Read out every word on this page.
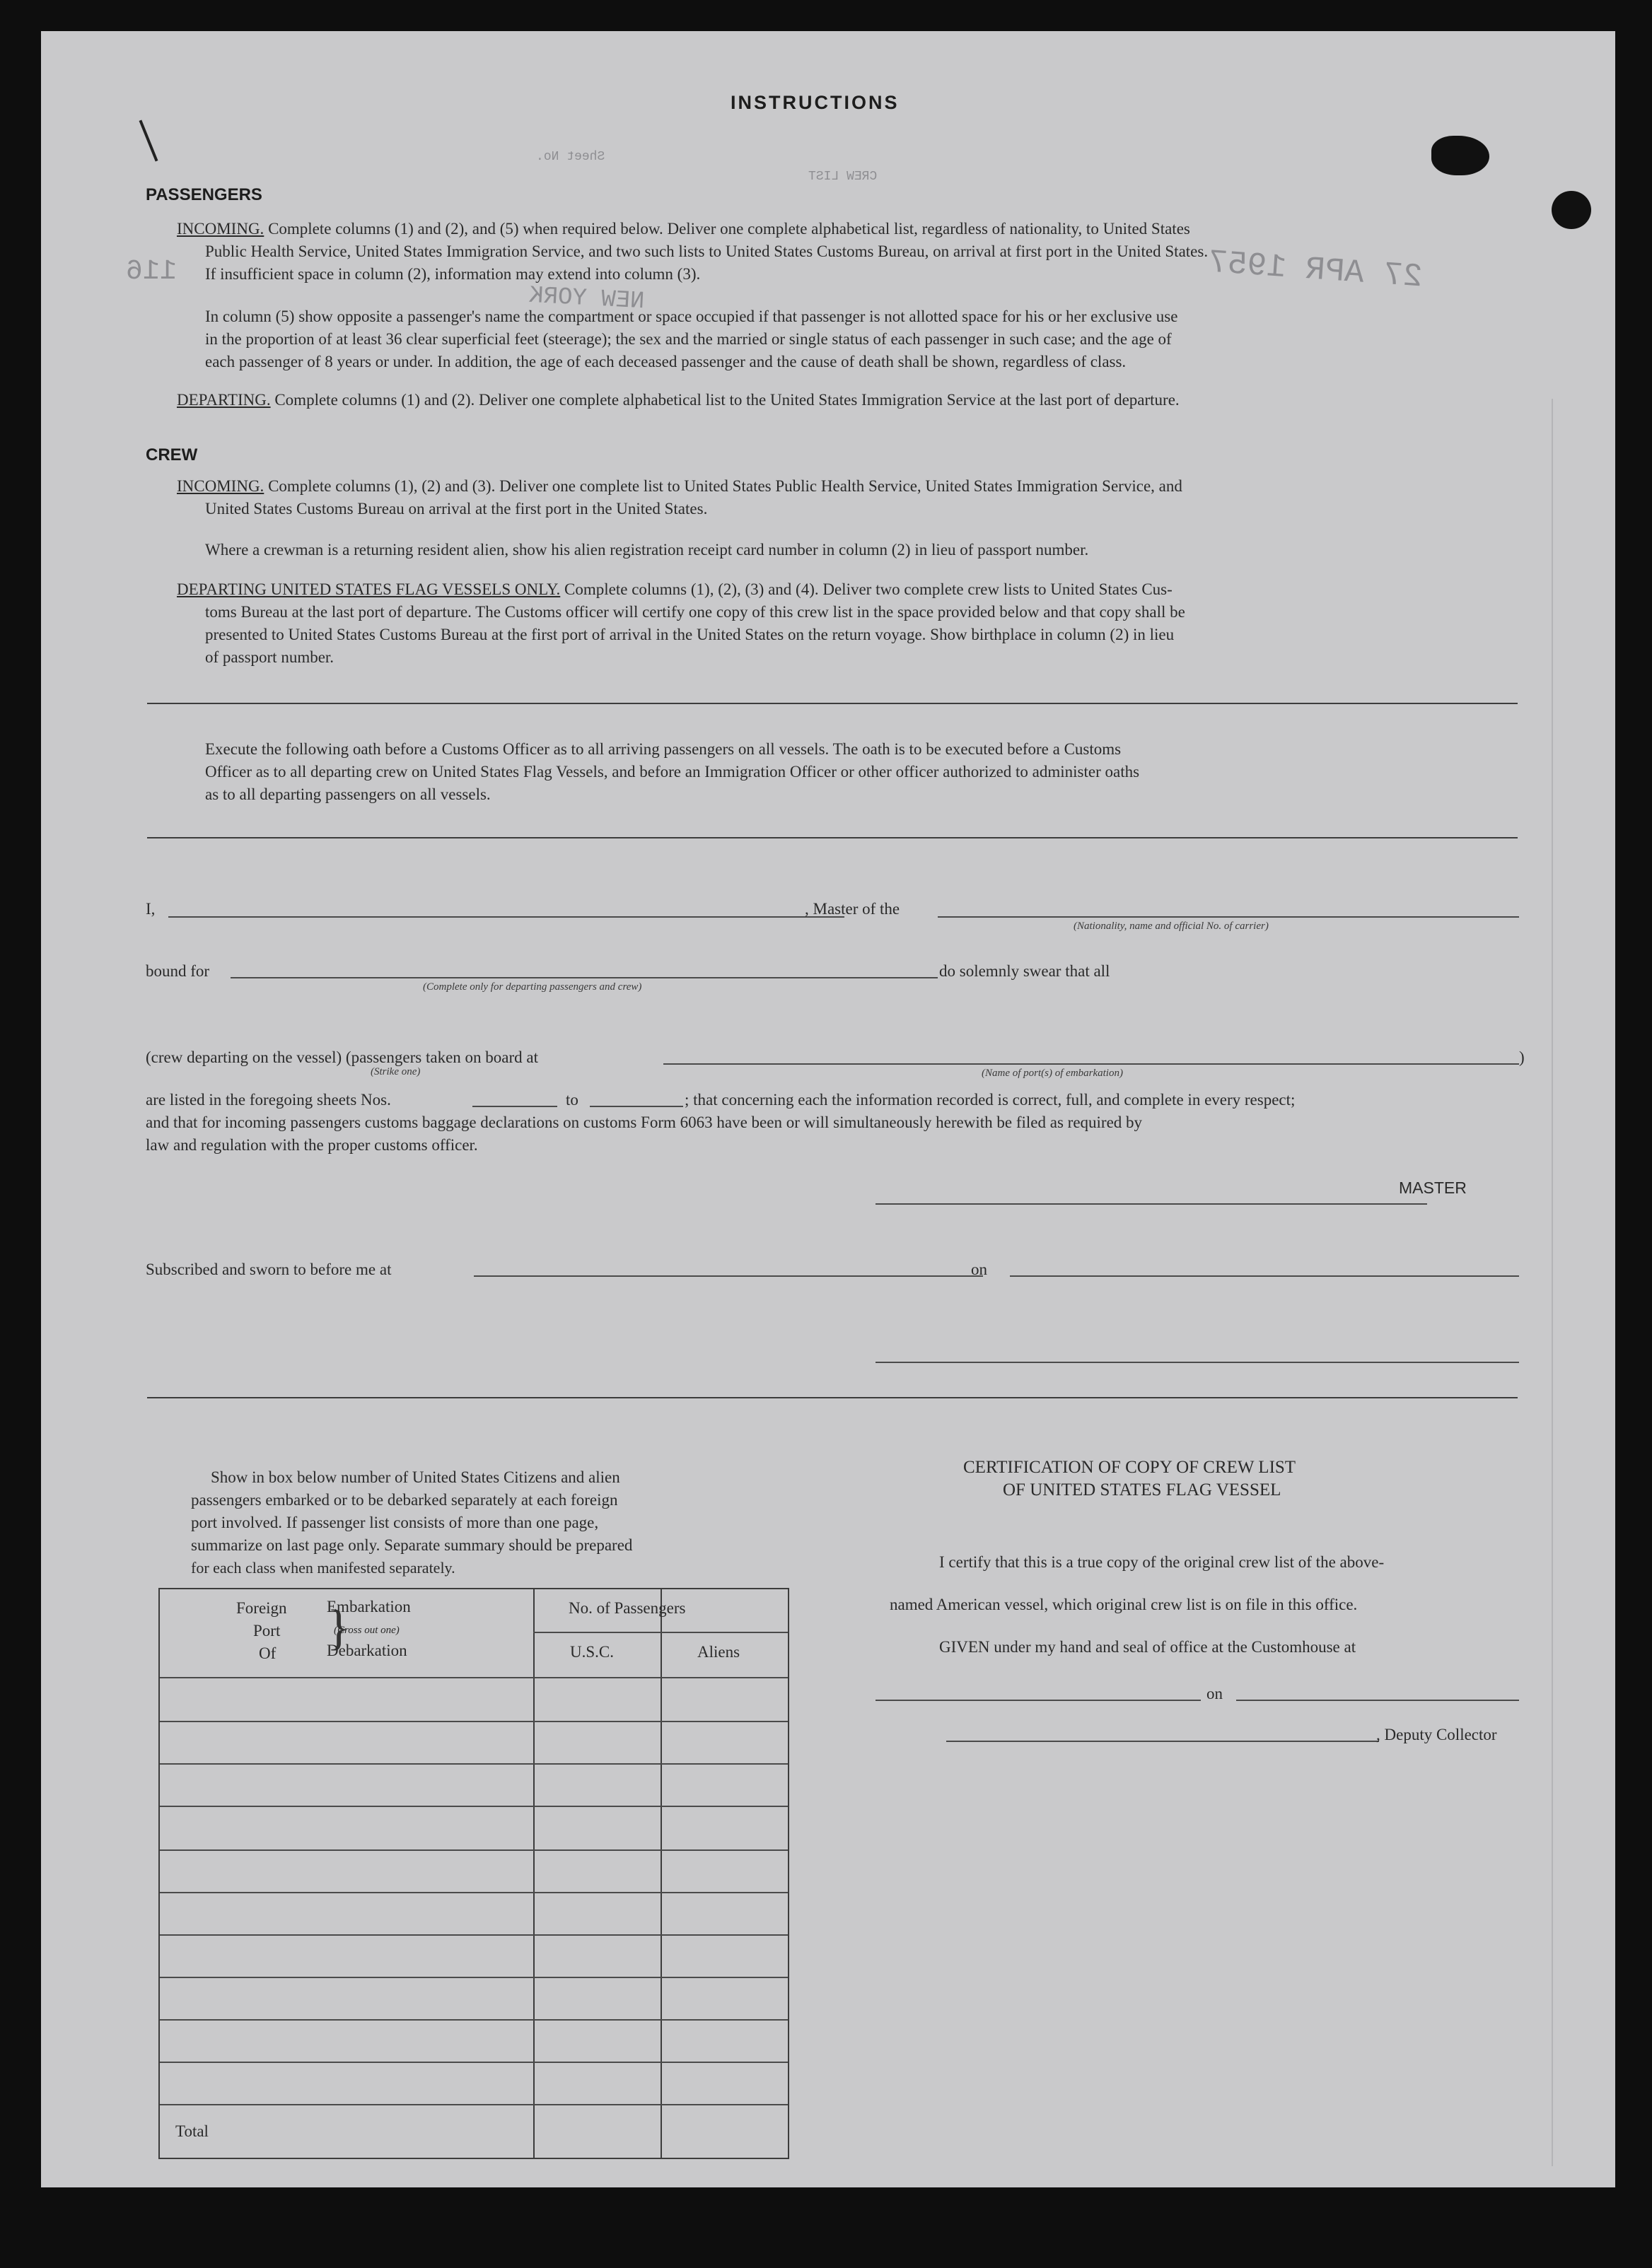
27 APR 1957
NEW YORK
116
Sheet No.
CREW LIST
INSTRUCTIONS
PASSENGERS
INCOMING. Complete columns (1) and (2), and (5) when required below. Deliver one complete alphabetical list, regardless of nationality, to United States
Public Health Service, United States Immigration Service, and two such lists to United States Customs Bureau, on arrival at first port in the United States.
If insufficient space in column (2), information may extend into column (3).
In column (5) show opposite a passenger's name the compartment or space occupied if that passenger is not allotted space for his or her exclusive use
in the proportion of at least 36 clear superficial feet (steerage); the sex and the married or single status of each passenger in such case; and the age of
each passenger of 8 years or under. In addition, the age of each deceased passenger and the cause of death shall be shown, regardless of class.
DEPARTING. Complete columns (1) and (2). Deliver one complete alphabetical list to the United States Immigration Service at the last port of departure.
CREW
INCOMING. Complete columns (1), (2) and (3). Deliver one complete list to United States Public Health Service, United States Immigration Service, and
United States Customs Bureau on arrival at the first port in the United States.
Where a crewman is a returning resident alien, show his alien registration receipt card number in column (2) in lieu of passport number.
DEPARTING UNITED STATES FLAG VESSELS ONLY. Complete columns (1), (2), (3) and (4). Deliver two complete crew lists to United States Cus-
toms Bureau at the last port of departure. The Customs officer will certify one copy of this crew list in the space provided below and that copy shall be
presented to United States Customs Bureau at the first port of arrival in the United States on the return voyage. Show birthplace in column (2) in lieu
of passport number.
Execute the following oath before a Customs Officer as to all arriving passengers on all vessels. The oath is to be executed before a Customs
Officer as to all departing crew on United States Flag Vessels, and before an Immigration Officer or other officer authorized to administer oaths
as to all departing passengers on all vessels.
I,	, Master of the
(Nationality, name and official No. of carrier)
bound for
(Complete only for departing passengers and crew)
do solemnly swear that all
(crew departing on the vessel) (passengers taken on board at
(Strike one)	(Name of port(s) of embarkation)
)
are listed in the foregoing sheets Nos.	to	; that concerning each the information recorded is correct, full, and complete in every respect;
and that for incoming passengers customs baggage declarations on customs Form 6063 have been or will simultaneously herewith be filed as required by
law and regulation with the proper customs officer.
MASTER
Subscribed and sworn to before me at	on
Show in box below number of United States Citizens and alien
passengers embarked or to be debarked separately at each foreign
port involved. If passenger list consists of more than one page,
summarize on last page only. Separate summary should be prepared
for each class when manifested separately.
Foreign
Port
Of }
Embarkation
(Cross out one)
Debarkation
No. of Passengers
U.S.C.	Aliens
Total
CERTIFICATION OF COPY OF CREW LIST
OF UNITED STATES FLAG VESSEL
I certify that this is a true copy of the original crew list of the above-
named American vessel, which original crew list is on file in this office.
GIVEN under my hand and seal of office at the Customhouse at
on
, Deputy Collector
